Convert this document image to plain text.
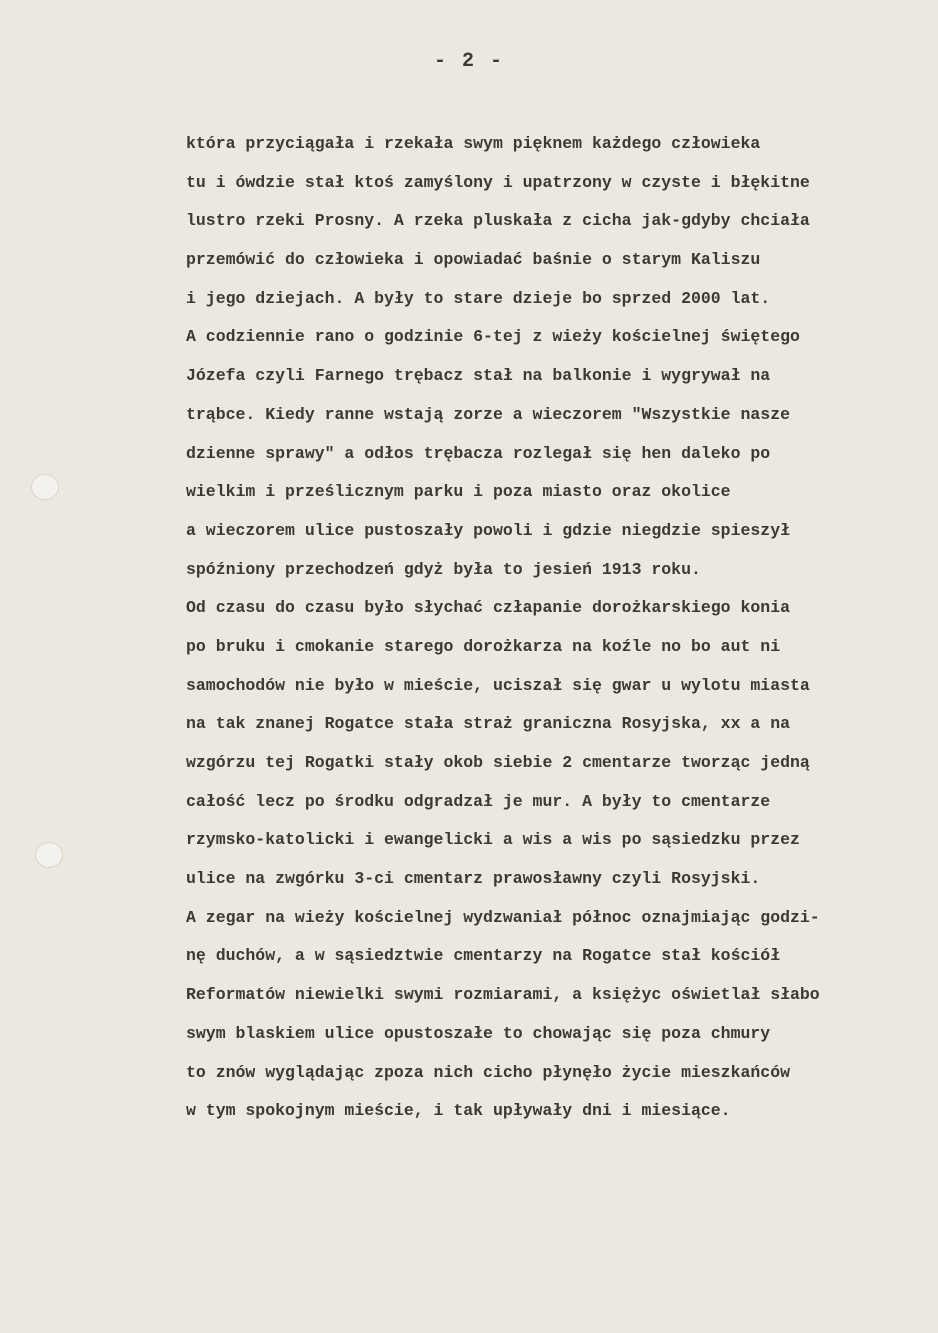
- 2 -
która przyciągała i rzekała swym pięknem każdego człowieka
tu i ówdzie stał ktoś zamyślony i upatrzony w czyste i błękitne
lustro rzeki Prosny. A rzeka pluskała z cicha jak-gdyby chciała
przemówić do człowieka i opowiadać baśnie o starym Kaliszu
i jego dziejach. A były to stare dzieje bo sprzed 2000 lat.
A codziennie rano o godzinie 6-tej z wieży kościelnej świętego
Józefa czyli Farnego trębacz stał na balkonie i wygrywał na
trąbce. Kiedy ranne wstają zorze a wieczorem "Wszystkie nasze
dzienne sprawy" a odłos trębacza rozlegał się hen daleko po
wielkim i prześlicznym parku i poza miasto oraz okolice
a wieczorem ulice pustoszały powoli i gdzie niegdzie spieszył
spóźniony przechodzeń gdyż była to jesień 1913 roku.
Od czasu do czasu było słychać człapanie dorożkarskiego konia
po bruku i cmokanie starego dorożkarza na koźle no bo aut ni
samochodów nie było w mieście, uciszał się gwar u wylotu miasta
na tak znanej Rogatce stała straż graniczna Rosyjska, xx a na
wzgórzu tej Rogatki stały okob siebie 2 cmentarze tworząc jedną
całość lecz po środku odgradzał je mur. A były to cmentarze
rzymsko-katolicki i ewangelicki a wis a wis po sąsiedzku przez
ulice na zwgórku 3-ci cmentarz prawosławny czyli Rosyjski.
A zegar na wieży kościelnej wydzwaniał północ oznajmiając godzi-
nę duchów, a w sąsiedztwie cmentarzy na Rogatce stał kościół
Reformatów niewielki swymi rozmiarami, a księżyc oświetlał słabo
swym blaskiem ulice opustoszałe to chowając się poza chmury
to znów wyglądając zpoza nich cicho płynęło życie mieszkańców
w tym spokojnym mieście, i tak upływały dni i miesiące.
